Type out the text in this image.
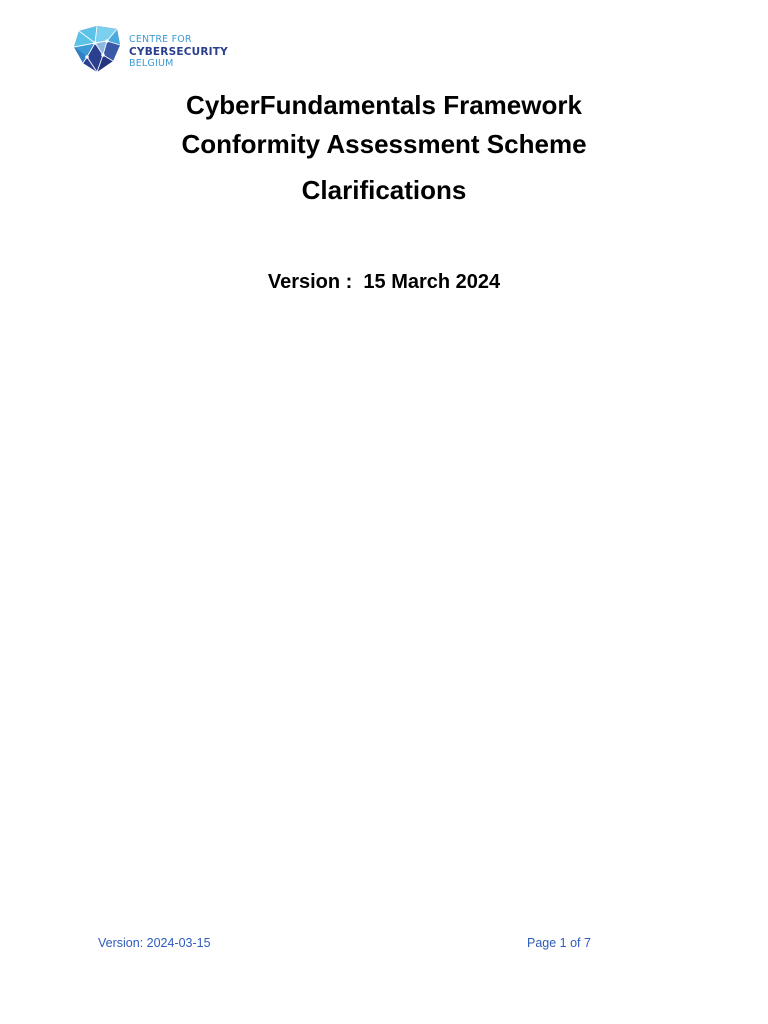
CENTRE FOR
CYBERSECURITY
BELGIUM
CyberFundamentals Framework
Conformity Assessment Scheme
Clarifications
Version :  15 March 2024
Version: 2024-03-15	Page 1 of 7
